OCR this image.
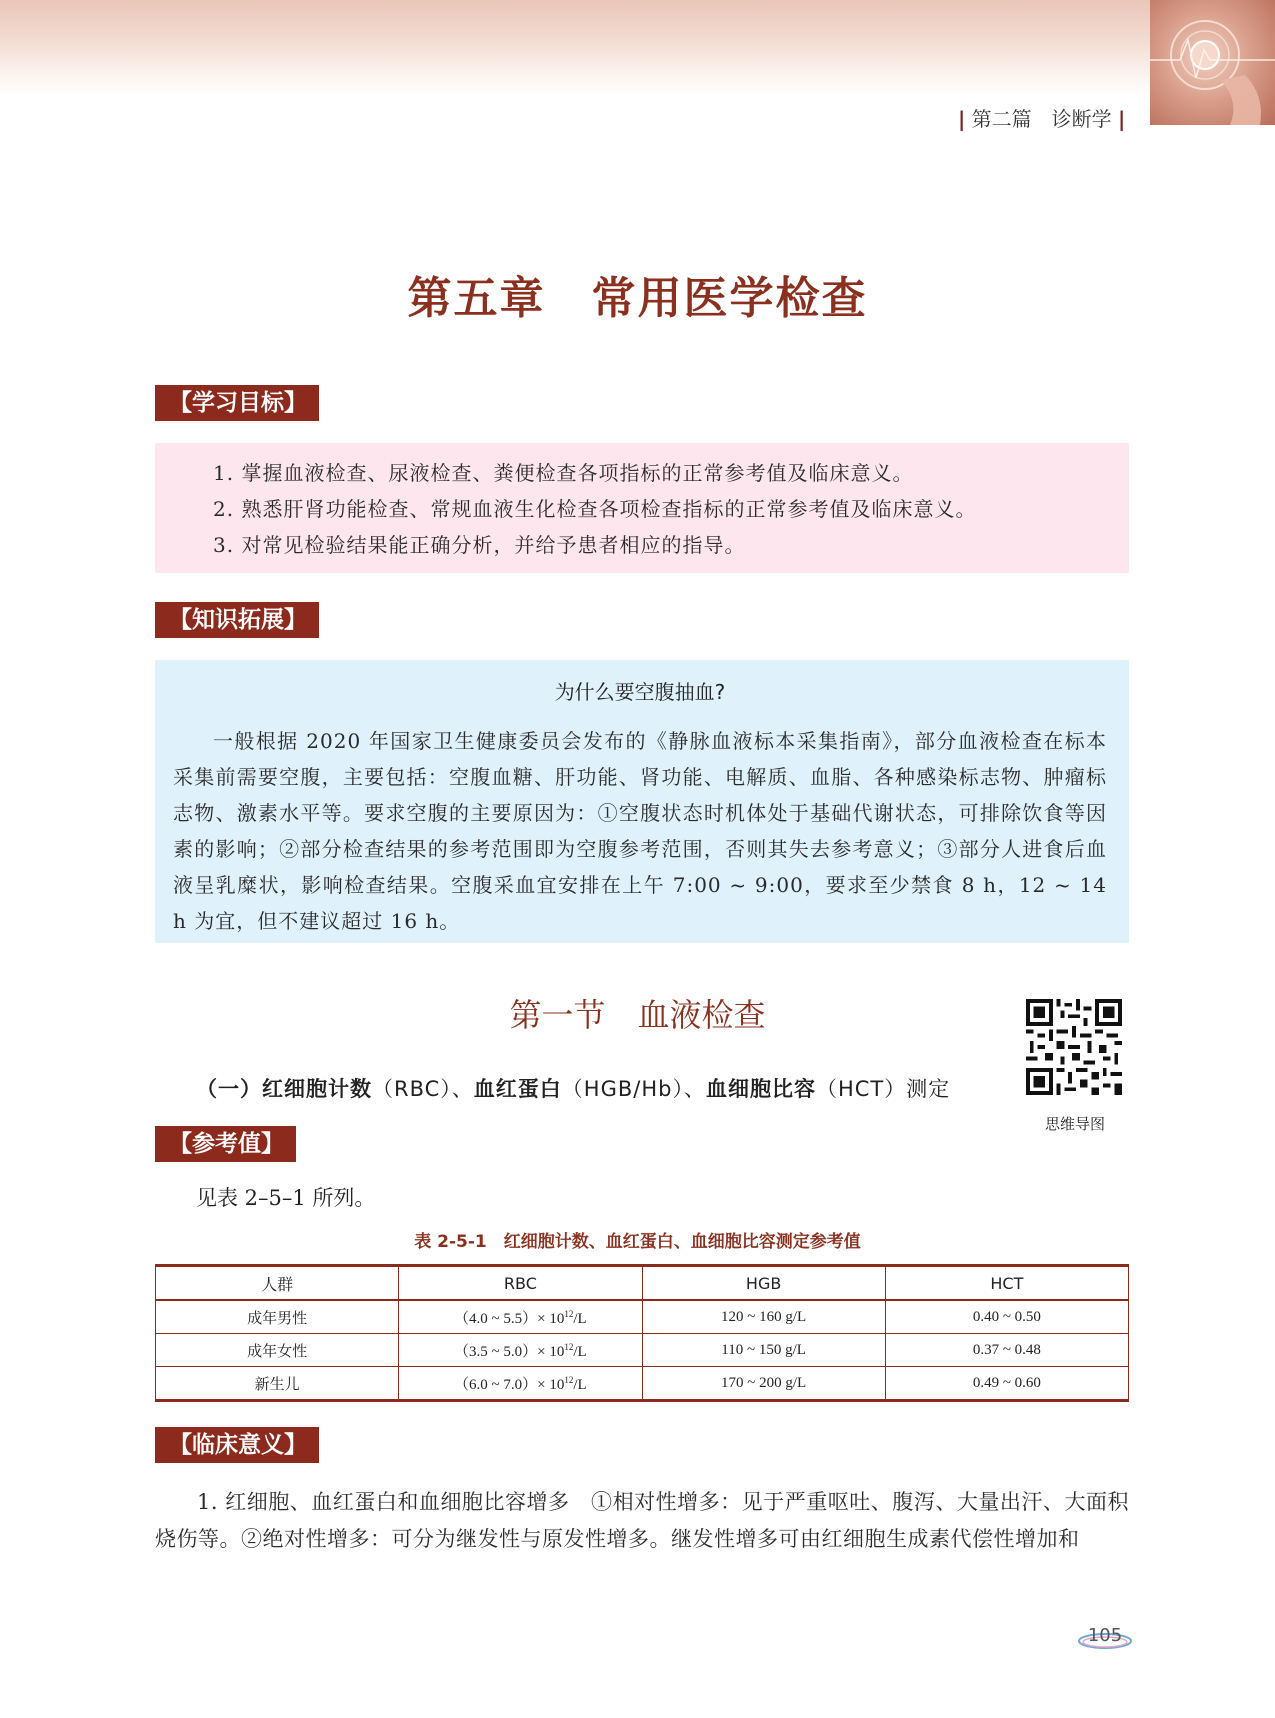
| 第二篇　诊断学 |
第五章　常用医学检查
【学习目标】

1. 掌握血液检查、尿液检查、粪便检查各项指标的正常参考值及临床意义。

2. 熟悉肝肾功能检查、常规血液生化检查各项检查指标的正常参考值及临床意义。

3. 对常见检验结果能正确分析，并给予患者相应的指导。

【知识拓展】
为什么要空腹抽血?

一般根据 2020 年国家卫生健康委员会发布的《静脉血液标本采集指南》，部分血液检查在标本采集前需要空腹，主要包括：空腹血糖、肝功能、肾功能、电解质、血脂、各种感染标志物、肿瘤标志物、激素水平等。要求空腹的主要原因为：①空腹状态时机体处于基础代谢状态，可排除饮食等因素的影响；②部分检查结果的参考范围即为空腹参考范围，否则其失去参考意义；③部分人进食后血液呈乳糜状，影响检查结果。空腹采血宜安排在上午 7:00 ~ 9:00，要求至少禁食 8 h，12 ~ 14 h 为宜，但不建议超过 16 h。

第一节　血液检查
思维导图
（一）红细胞计数（RBC）、血红蛋白（HGB/Hb）、血细胞比容（HCT）测定
【参考值】
见表 2–5–1 所列。
表 2-5-1　红细胞计数、血红蛋白、血细胞比容测定参考值
人群	RBC	HGB	HCT
成年男性	（4.0 ~ $5.5)\times 10^{12}/L$	120 ~ 160 g/L	0.40 ~ 0.50
成年女性	（3.5 ~ $5.0)\times 10^{12}/L$	110 ~ 150 g/L	0.37 ~ 0.48
新生儿	（6.0 ~ $7.0)\times 10^{12}/L$	170 ~ 200 g/L	0.49 ~ 0.60
【临床意义】

1. 红细胞、血红蛋白和血细胞比容增多　①相对性增多：见于严重呕吐、腹泻、大量出汗、大面积烧伤等。②绝对性增多：可分为继发性与原发性增多。继发性增多可由红细胞生成素代偿性增加和

105
